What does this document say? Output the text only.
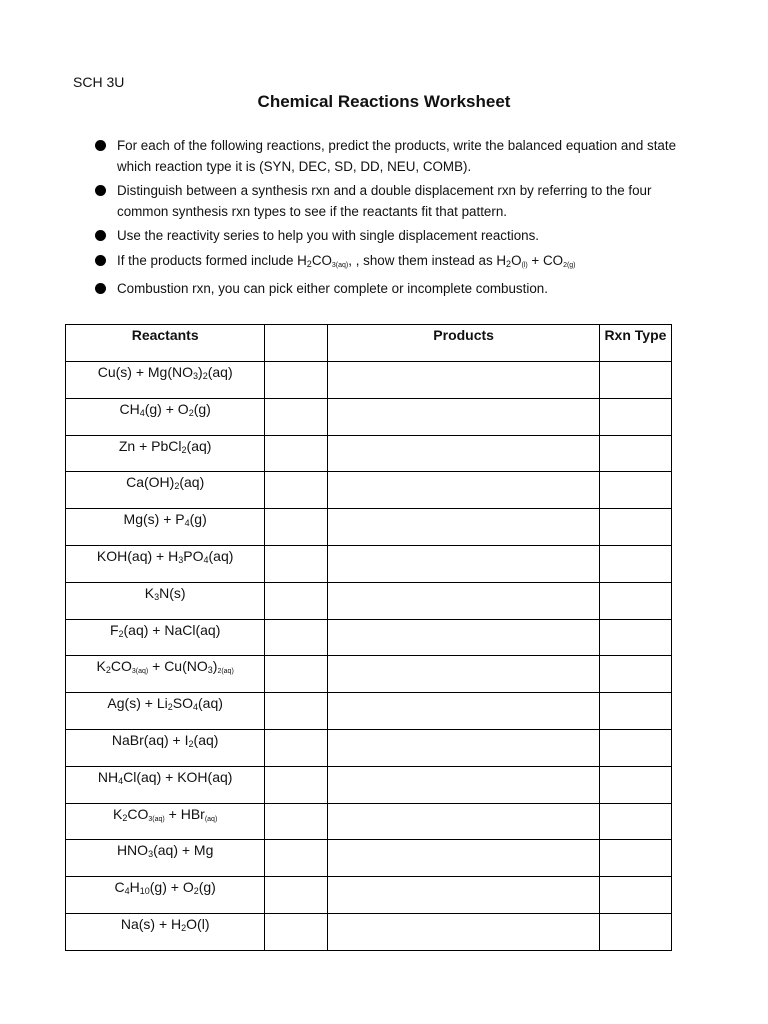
SCH 3U
Chemical Reactions Worksheet
For each of the following reactions, predict the products, write the balanced equation and state which reaction type it is (SYN, DEC, SD, DD, NEU, COMB).
Distinguish between a synthesis rxn and a double displacement rxn by referring to the four common synthesis rxn types to see if the reactants fit that pattern.
Use the reactivity series to help you with single displacement reactions.
If the products formed include $H_2CO_{3(aq)}$, , show them instead as $H_2O_{(l)} + CO_{2(g)}$
Combustion rxn, you can pick either complete or incomplete combustion.
Reactants		Products	Rxn Type
$Cu(s) + Mg(NO_3)_2(aq)$			
$CH_4(g) + O_2(g)$			
Zn + PbCl$_2$(aq)			
$Ca(OH)_2(aq)$			
$Mg(s) + P_4(g)$			
$KOH(aq) + H_3PO_4(aq)$			
$K_3N(s)$			
$F_2(aq)$ + NaCl(aq)			
$K_2CO_{3(aq)} + Cu(NO_3)_{2(aq)}$			
$Ag(s) + Li_2SO_4(aq)$			
NaBr(aq) + $I_2(aq)$			
$NH_4Cl(aq) + KOH(aq)$			
$K_2CO_{3(aq)} + HBr_{(aq)}$			
$HNO_3(aq) + Mg$			
$C_4H_{10}(g) + O_2(g)$			
$Na(s) + H_2O(l)$			
